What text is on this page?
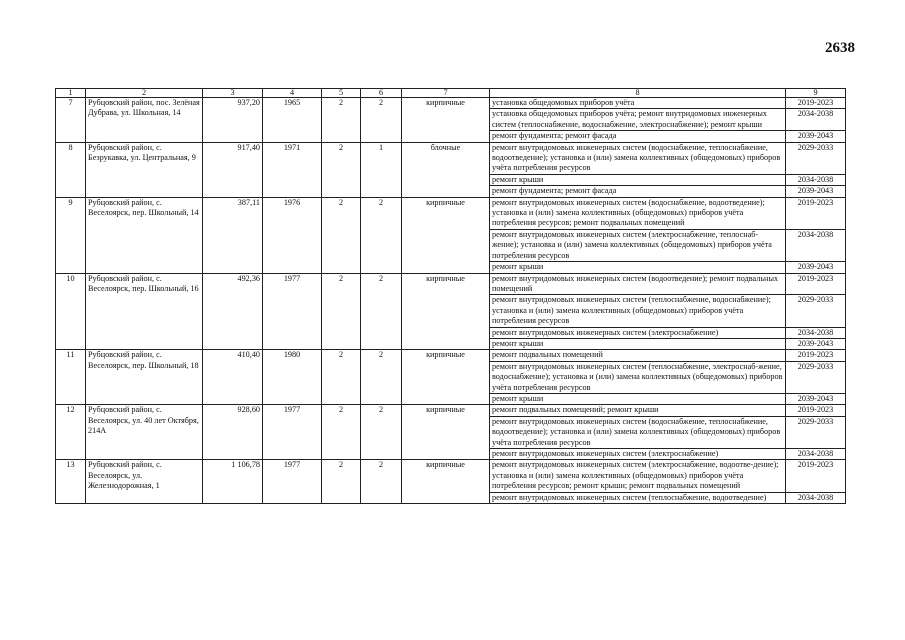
2638
1	2	3	4	5	6	7	8	9
7	Рубцовский район, пос. Зелёная Дубрава, ул. Школьная, 14	937,20	1965	2	2	кирпичные	установка общедомовых приборов учёта	2019-2023
							установка общедомовых приборов учёта; ремонт внутридомовых инженерных систем (теплоснабжение, водоснабжение, электроснабжение); ремонт крыши	2034-2038
							ремонт фундамента; ремонт фасада	2039-2043
8	Рубцовский район, с. Безрукавка, ул. Центральная, 9	917,40	1971	2	1	блочные	ремонт внутридомовых инженерных систем (водоснабжение, теплоснабжение, водоотведение); установка и (или) замена коллективных (общедомовых) приборов учёта потребления ресурсов	2029-2033
							ремонт крыши	2034-2038
							ремонт фундамента; ремонт фасада	2039-2043
9	Рубцовский район, с. Веселоярск, пер. Школьный, 14	387,11	1976	2	2	кирпичные	ремонт внутридомовых инженерных систем (водоснабжение, водоотведение); установка и (или) замена коллективных (общедомовых) приборов учёта потребления ресурсов; ремонт подвальных помещений	2019-2023
							ремонт внутридомовых инженерных систем (электроснабжение, теплоснаб-жение); установка и (или) замена коллективных (общедомовых) приборов учёта потребления ресурсов	2034-2038
							ремонт крыши	2039-2043
10	Рубцовский район, с. Веселоярск, пер. Школьный, 16	492,36	1977	2	2	кирпичные	ремонт внутридомовых инженерных систем (водоотведение); ремонт подвальных помещений	2019-2023
							ремонт внутридомовых инженерных систем (теплоснабжение, водоснабжение); установка и (или) замена коллективных (общедомовых) приборов учёта потребления ресурсов	2029-2033
							ремонт внутридомовых инженерных систем (электроснабжение)	2034-2038
							ремонт крыши	2039-2043
11	Рубцовский район, с. Веселоярск, пер. Школьный, 18	410,40	1980	2	2	кирпичные	ремонт подвальных помещений	2019-2023
							ремонт внутридомовых инженерных систем (теплоснабжение, электроснаб-жение, водоснабжение); установка и (или) замена коллективных (общедомовых) приборов учёта потребления ресурсов	2029-2033
							ремонт крыши	2039-2043
12	Рубцовский район, с. Веселоярск, ул. 40 лет Октября, 214А	928,60	1977	2	2	кирпичные	ремонт подвальных помещений; ремонт крыши	2019-2023
							ремонт внутридомовых инженерных систем (водоснабжение, теплоснабжение, водоотведение); установка и (или) замена коллективных (общедомовых) приборов учёта потребления ресурсов	2029-2033
							ремонт внутридомовых инженерных систем (электроснабжение)	2034-2038
13	Рубцовский район, с. Веселоярск, ул. Железнодорожная, 1	1 106,78	1977	2	2	кирпичные	ремонт внутридомовых инженерных систем (электроснабжение, водоотве-дение); установка и (или) замена коллективных (общедомовых) приборов учёта потребления ресурсов; ремонт крыши; ремонт подвальных помещений	2019-2023
							ремонт внутридомовых инженерных систем (теплоснабжение, водоотведение)	2034-2038
